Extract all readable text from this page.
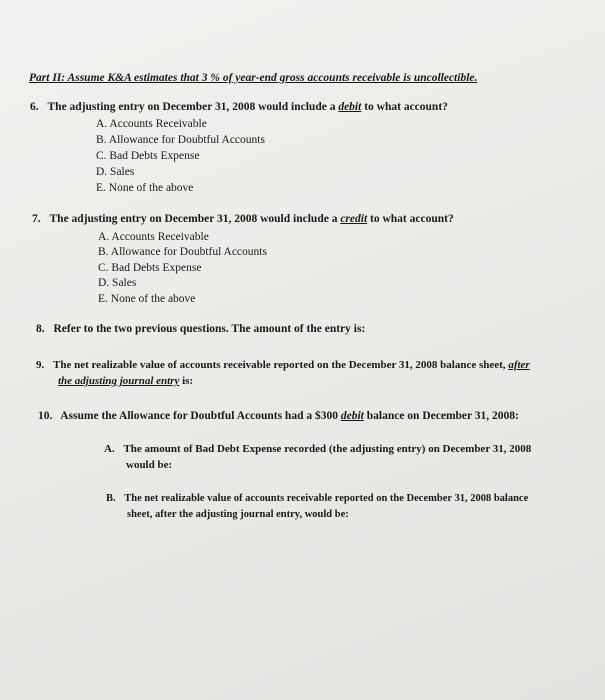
Part II: Assume K&A estimates that 3 % of year-end gross accounts receivable is uncollectible.
6. The adjusting entry on December 31, 2008 would include a debit to what account?
A. Accounts Receivable
B. Allowance for Doubtful Accounts
C. Bad Debts Expense
D. Sales
E. None of the above
7. The adjusting entry on December 31, 2008 would include a credit to what account?
A. Accounts Receivable
B. Allowance for Doubtful Accounts
C. Bad Debts Expense
D. Sales
E. None of the above
8. Refer to the two previous questions. The amount of the entry is:
9. The net realizable value of accounts receivable reported on the December 31, 2008 balance sheet, after
the adjusting journal entry is:
10. Assume the Allowance for Doubtful Accounts had a $300 debit balance on December 31, 2008:
A. The amount of Bad Debt Expense recorded (the adjusting entry) on December 31, 2008
would be:
B. The net realizable value of accounts receivable reported on the December 31, 2008 balance
sheet, after the adjusting journal entry, would be:
